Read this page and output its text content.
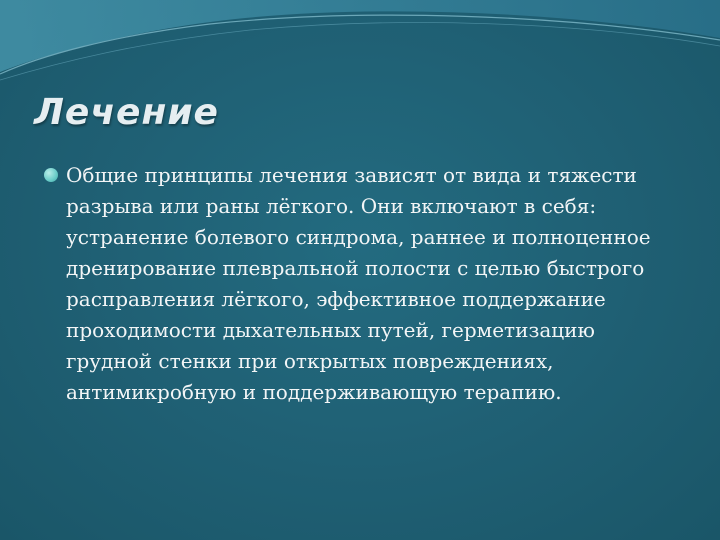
Лечение
Общие принципы лечения зависят от вида и тяжести разрыва или раны лёгкого. Они включают в себя: устранение болевого синдрома, раннее и полноценное дренирование плевральной полости с целью быстрого расправления лёгкого, эффективное поддержание проходимости дыхательных путей, герметизацию грудной стенки при открытых повреждениях, антимикробную и поддерживающую терапию.
